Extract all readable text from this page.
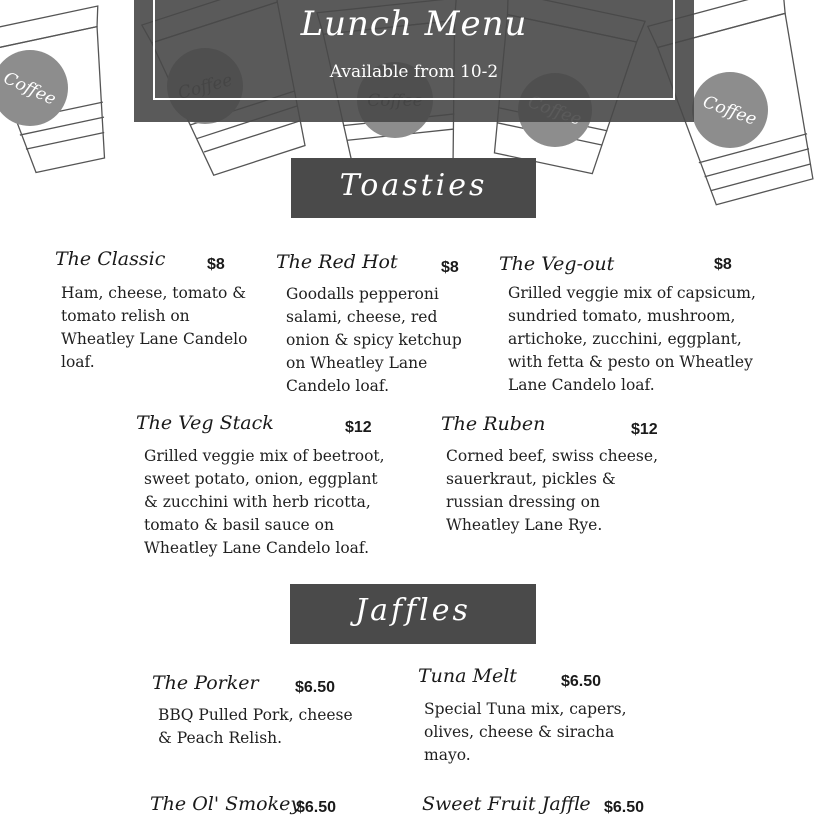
Coffee
Coffee
Lunch Menu
Available from 10-2
Toasties
The Classic	$8
Ham, cheese, tomato & tomato relish on Wheatley Lane Candelo loaf.
The Red Hot	$8
Goodalls pepperoni salami, cheese, red onion & spicy ketchup on Wheatley Lane Candelo loaf.
The Veg-out	$8
Grilled veggie mix of capsicum, sundried tomato, mushroom, artichoke, zucchini, eggplant, with fetta & pesto on Wheatley Lane Candelo loaf.
The Veg Stack	$12
Grilled veggie mix of beetroot, sweet potato, onion, eggplant & zucchini with herb ricotta, tomato & basil sauce on Wheatley Lane Candelo loaf.
The Ruben	$12
Corned beef, swiss cheese, sauerkraut, pickles & russian dressing on Wheatley Lane Rye.
Jaffles
The Porker $6.50
BBQ Pulled Pork, cheese & Peach Relish.
Tuna Melt	$6.50
Special Tuna mix, capers, olives, cheese & siracha mayo.
The Ol' Smokey
$6.50	Sweet Fruit Jaffle $6.50
